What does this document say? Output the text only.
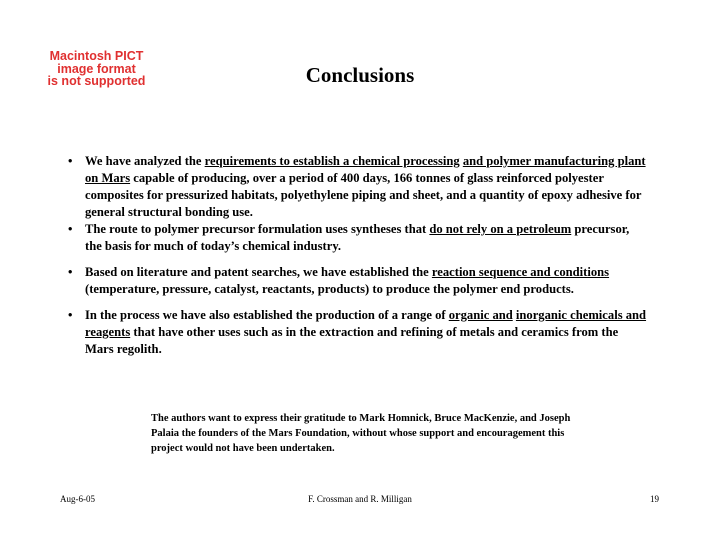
Macintosh PICT
image format
is not supported	Conclusions
• We have analyzed the requirements to establish a chemical processing and polymer manufacturing plant on Mars capable of producing, over a period of 400 days, 166 tonnes of glass reinforced polyester composites for pressurized habitats, polyethylene piping and sheet, and a quantity of epoxy adhesive for general structural bonding use.
• The route to polymer precursor formulation uses syntheses that do not rely on a petroleum precursor, the basis for much of today’s chemical industry.
• Based on literature and patent searches, we have established the reaction sequence and conditions (temperature, pressure, catalyst, reactants, products) to produce the polymer end products.
• In the process we have also established the production of a range of organic and inorganic chemicals and reagents that have other uses such as in the extraction and refining of metals and ceramics from the Mars regolith.
The authors want to express their gratitude to Mark Homnick, Bruce MacKenzie, and Joseph Palaia the founders of the Mars Foundation, without whose support and encouragement this project would not have been undertaken.
Aug-6-05	F. Crossman and R. Milligan	19
